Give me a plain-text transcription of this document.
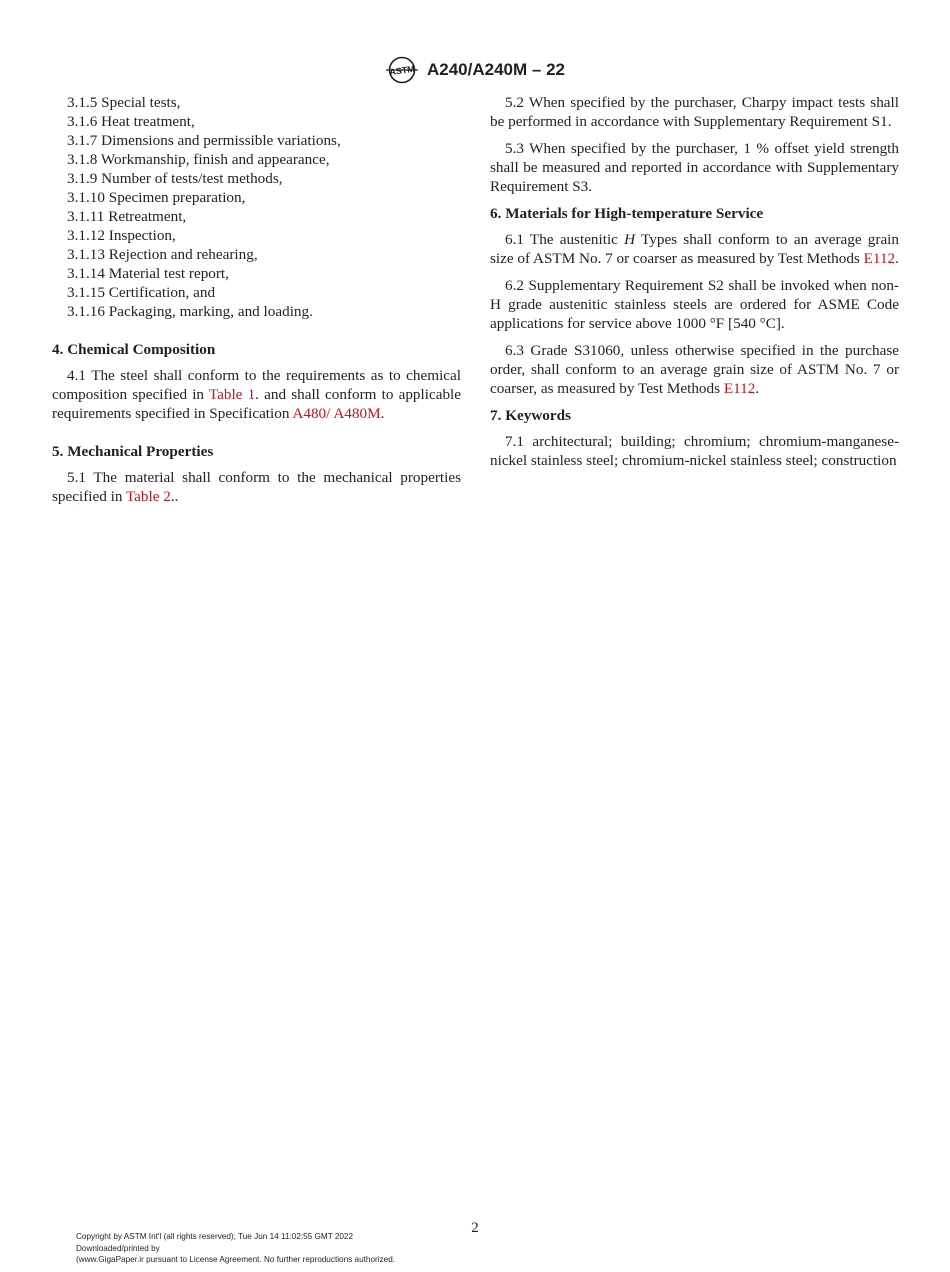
ASTM A240/A240M – 22
3.1.5 Special tests,
3.1.6 Heat treatment,
3.1.7 Dimensions and permissible variations,
3.1.8 Workmanship, finish and appearance,
3.1.9 Number of tests/test methods,
3.1.10 Specimen preparation,
3.1.11 Retreatment,
3.1.12 Inspection,
3.1.13 Rejection and rehearing,
3.1.14 Material test report,
3.1.15 Certification, and
3.1.16 Packaging, marking, and loading.

4. Chemical Composition

4.1 The steel shall conform to the requirements as to chemical composition specified in Table 1. and shall conform to applicable requirements specified in Specification A480/ A480M.

5. Mechanical Properties

5.1 The material shall conform to the mechanical properties specified in Table 2..

5.2 When specified by the purchaser, Charpy impact tests shall be performed in accordance with Supplementary Requirement S1.

5.3 When specified by the purchaser, 1 % offset yield strength shall be measured and reported in accordance with Supplementary Requirement S3.

6. Materials for High-temperature Service

6.1 The austenitic H Types shall conform to an average grain size of ASTM No. 7 or coarser as measured by Test Methods E112.

6.2 Supplementary Requirement S2 shall be invoked when non-H grade austenitic stainless steels are ordered for ASME Code applications for service above 1000 °F [540 °C].

6.3 Grade S31060, unless otherwise specified in the purchase order, shall conform to an average grain size of ASTM No. 7 or coarser, as measured by Test Methods E112.

7. Keywords

7.1 architectural; building; chromium; chromium-manganese-nickel stainless steel; chromium-nickel stainless steel; construction

2
Copyright by ASTM Int'l (all rights reserved); Tue Jun 14 11:02:55 GMT 2022
Downloaded/printed by
(www.GigaPaper.ir pursuant to License Agreement. No further reproductions authorized.
